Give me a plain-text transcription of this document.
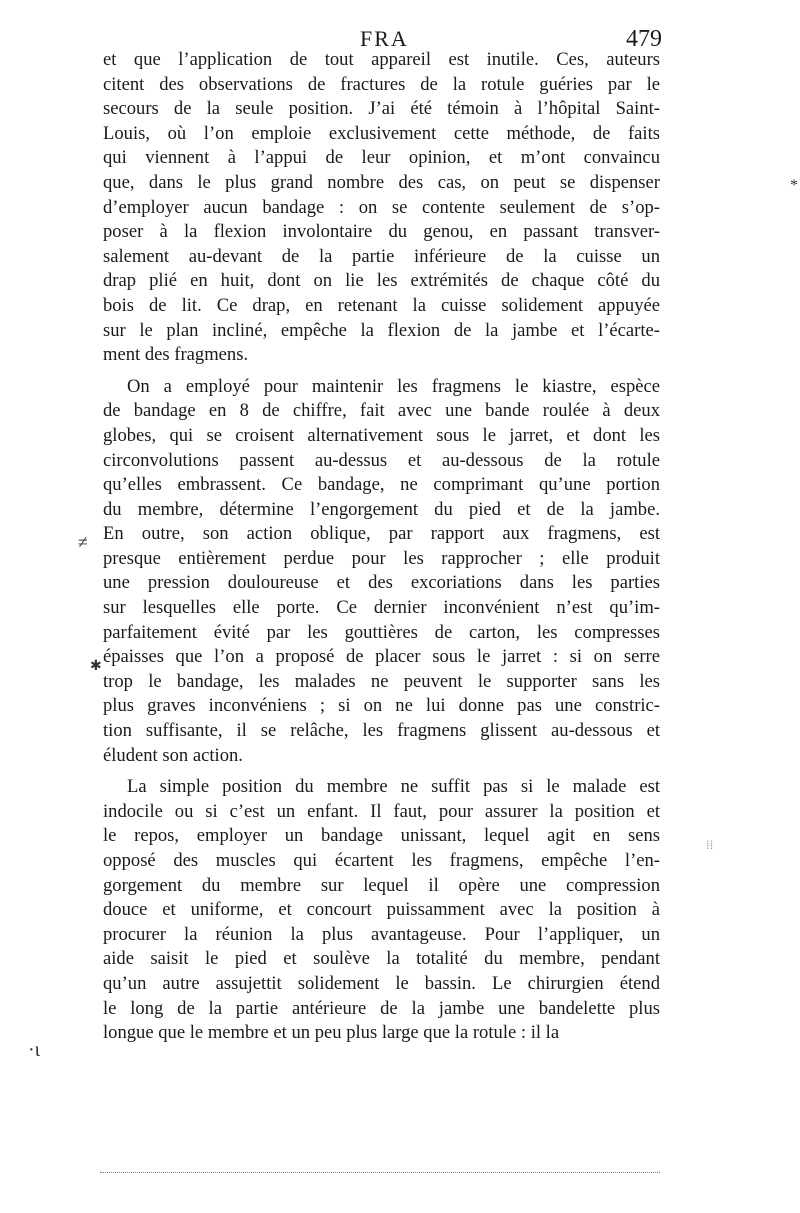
FRA	479
et que l’application de tout appareil est inutile. Ces, auteurs
citent des observations de fractures de la rotule guéries par le
secours de la seule position. J’ai été témoin à l’hôpital Saint-
Louis, où l’on emploie exclusivement cette méthode, de faits
qui viennent à l’appui de leur opinion, et m’ont convaincu
que, dans le plus grand nombre des cas, on peut se dispenser
d’employer aucun bandage : on se contente seulement de s’op-
poser à la flexion involontaire du genou, en passant transver-
salement au-devant de la partie inférieure de la cuisse un
drap plié en huit, dont on lie les extrémités de chaque côté du
bois de lit. Ce drap, en retenant la cuisse solidement appuyée
sur le plan incliné, empêche la flexion de la jambe et l’écarte-
ment des fragmens.
On a employé pour maintenir les fragmens le kiastre, espèce
de bandage en 8 de chiffre, fait avec une bande roulée à deux
globes, qui se croisent alternativement sous le jarret, et dont les
circonvolutions passent au-dessus et au-dessous de la rotule
qu’elles embrassent. Ce bandage, ne comprimant qu’une portion
du membre, détermine l’engorgement du pied et de la jambe.
En outre, son action oblique, par rapport aux fragmens, est
presque entièrement perdue pour les rapprocher ; elle produit
une pression douloureuse et des excoriations dans les parties
sur lesquelles elle porte. Ce dernier inconvénient n’est qu’im-
parfaitement évité par les gouttières de carton, les compresses
épaisses que l’on a proposé de placer sous le jarret : si on serre
trop le bandage, les malades ne peuvent le supporter sans les
plus graves inconvéniens ; si on ne lui donne pas une constric-
tion suffisante, il se relâche, les fragmens glissent au-dessous et
éludent son action.
La simple position du membre ne suffit pas si le malade est
indocile ou si c’est un enfant. Il faut, pour assurer la position et
le repos, employer un bandage unissant, lequel agit en sens
opposé des muscles qui écartent les fragmens, empêche l’en-
gorgement du membre sur lequel il opère une compression
douce et uniforme, et concourt puissamment avec la position à
procurer la réunion la plus avantageuse. Pour l’appliquer, un
aide saisit le pied et soulève la totalité du membre, pendant
qu’un autre assujettit solidement le bassin. Le chirurgien étend
le long de la partie antérieure de la jambe une bandelette plus
longue que le membre et un peu plus large que la rotule : il la
*
≠
✱
·ι
⁞⁞
